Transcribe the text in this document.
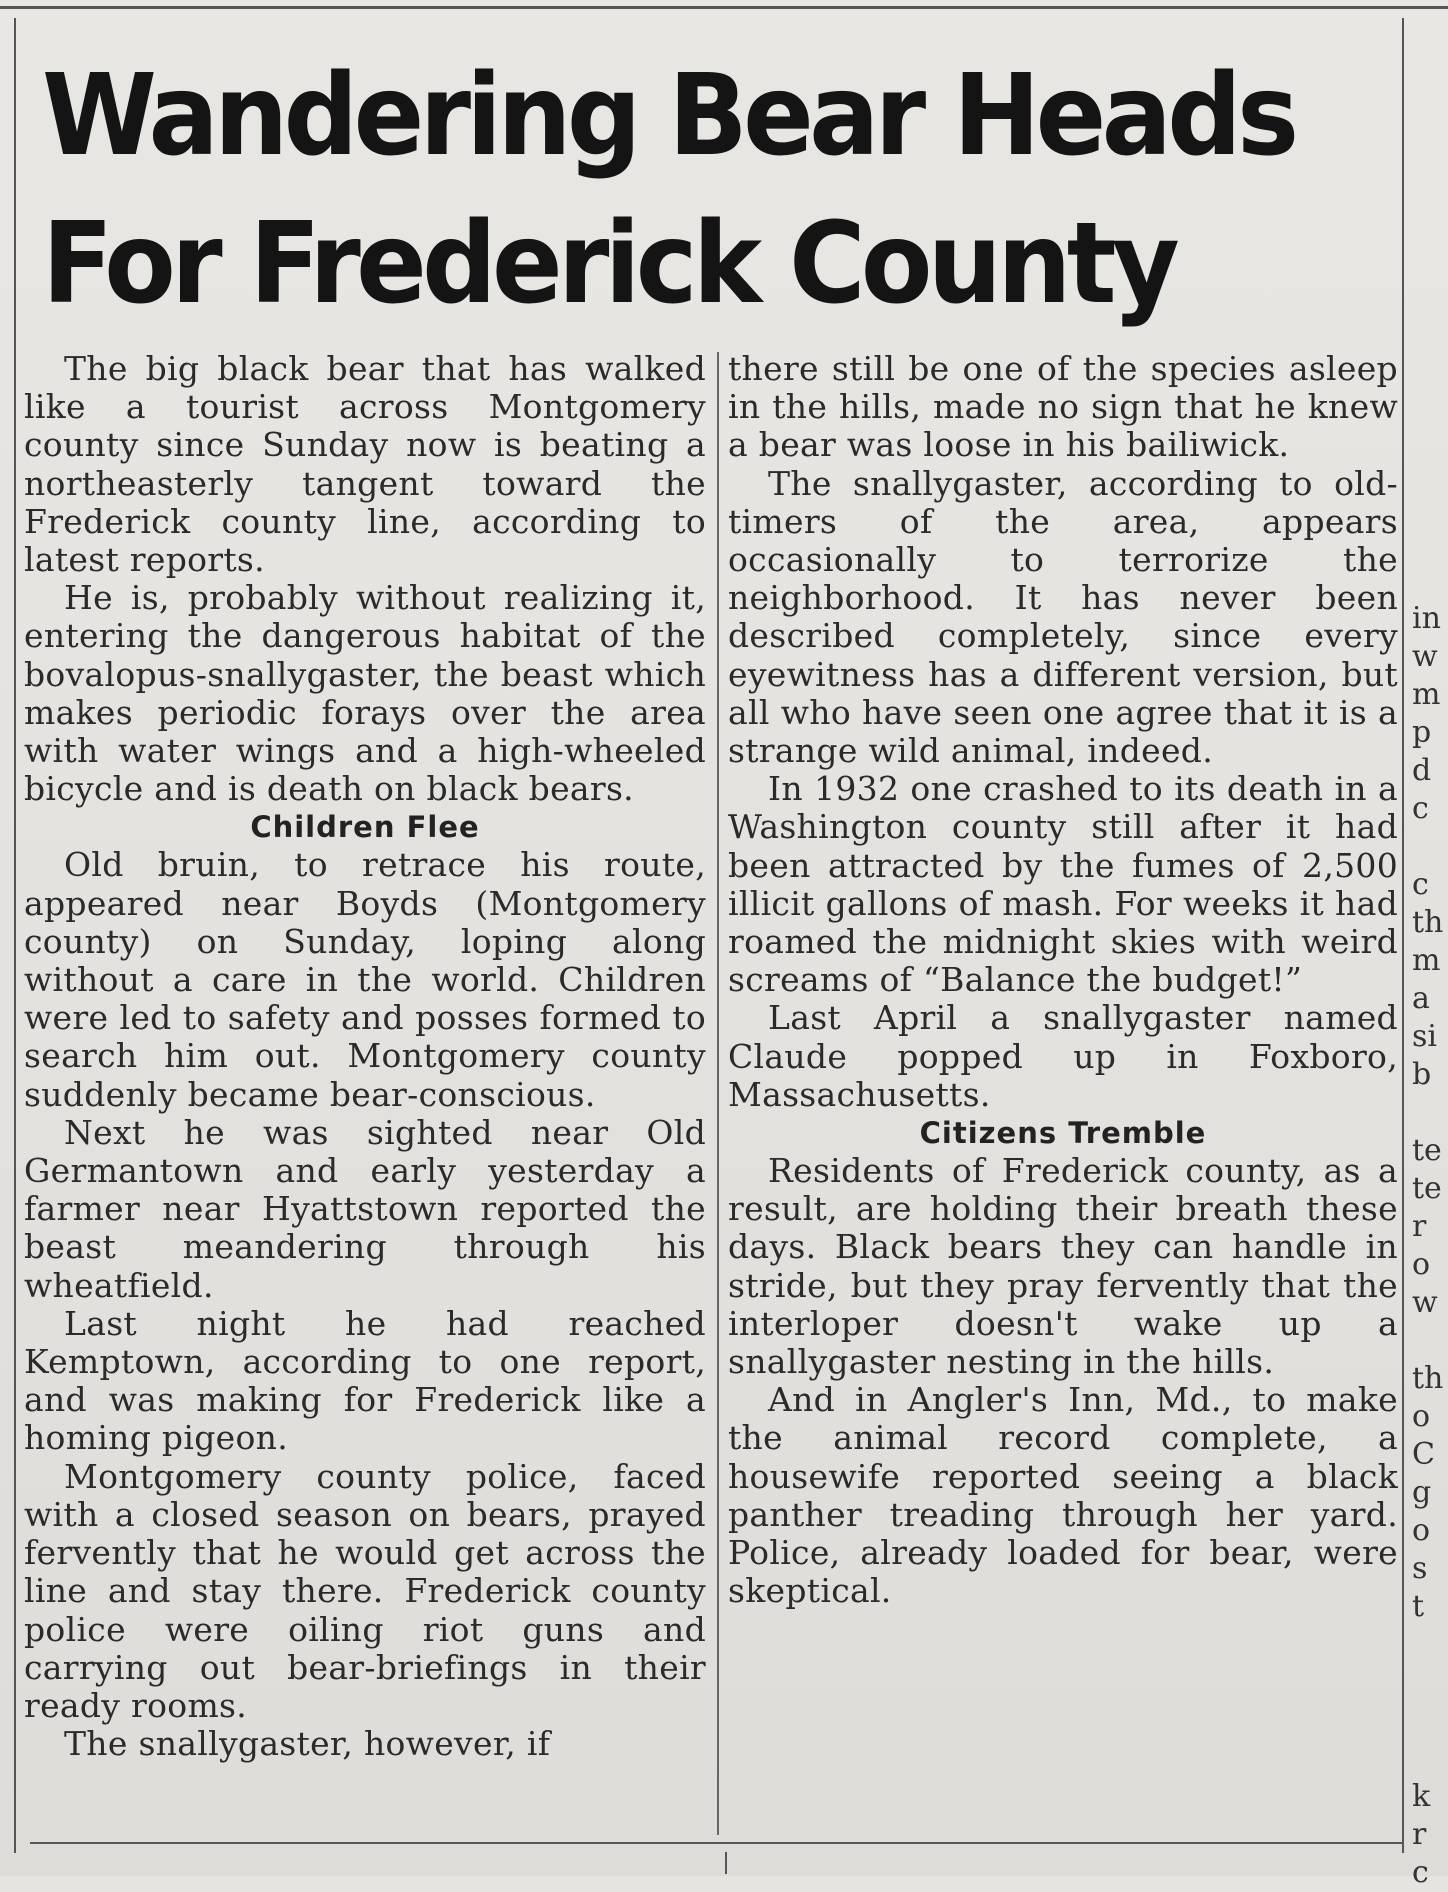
Wandering Bear Heads
For Frederick County

The big black bear that has walked like a tourist across Montgomery county since Sunday now is beating a northeasterly tangent toward the Frederick county line, according to latest reports.

He is, probably without realizing it, entering the dangerous habitat of the bovalopus-snallygaster, the beast which makes periodic forays over the area with water wings and a high-wheeled bicycle and is death on black bears.

Children Flee

Old bruin, to retrace his route, appeared near Boyds (Montgomery county) on Sunday, loping along without a care in the world. Children were led to safety and posses formed to search him out. Montgomery county suddenly became bear-conscious.

Next he was sighted near Old Germantown and early yesterday a farmer near Hyattstown reported the beast meandering through his wheatfield.

Last night he had reached Kemptown, according to one report, and was making for Frederick like a homing pigeon.

Montgomery county police, faced with a closed season on bears, prayed fervently that he would get across the line and stay there. Frederick county police were oiling riot guns and carrying out bear-briefings in their ready rooms.

The snallygaster, however, if

there still be one of the species asleep in the hills, made no sign that he knew a bear was loose in his bailiwick.

The snallygaster, according to old-timers of the area, appears occasionally to terrorize the neighborhood. It has never been described completely, since every eyewitness has a different version, but all who have seen one agree that it is a strange wild animal, indeed.

In 1932 one crashed to its death in a Washington county still after it had been attracted by the fumes of 2,500 illicit gallons of mash. For weeks it had roamed the midnight skies with weird screams of “Balance the budget!”

Last April a snallygaster named Claude popped up in Foxboro, Massachusetts.

Citizens Tremble

Residents of Frederick county, as a result, are holding their breath these days. Black bears they can handle in stride, but they pray fervently that the interloper doesn't wake up a snallygaster nesting in the hills.

And in Angler's Inn, Md., to make the animal record complete, a housewife reported seeing a black panther treading through her yard. Police, already loaded for bear, were skeptical.

in
w
m
p
d
c

c
th
m
a
si
b

te
te
r
o
w

th
o
C
g
o
s
t

k
r
c
